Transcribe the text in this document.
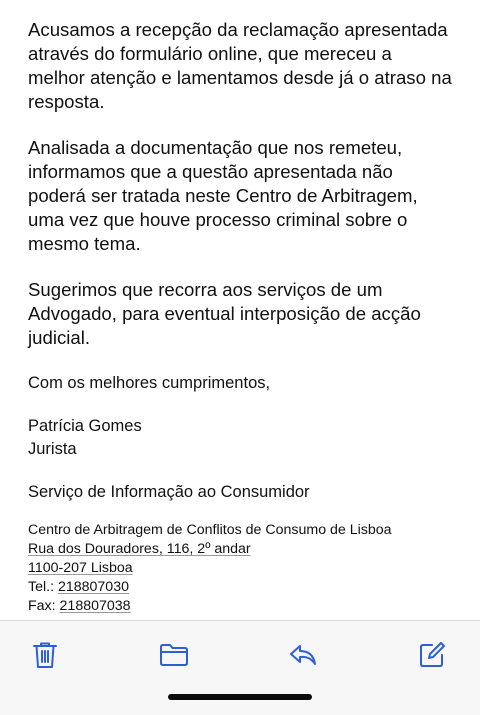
Acusamos a recepção da reclamação apresentada
através do formulário online, que mereceu a
melhor atenção e lamentamos desde já o atraso na
resposta.
Analisada a documentação que nos remeteu,
informamos que a questão apresentada não
poderá ser tratada neste Centro de Arbitragem,
uma vez que houve processo criminal sobre o
mesmo tema.
Sugerimos que recorra aos serviços de um
Advogado, para eventual interposição de acção
judicial.
Com os melhores cumprimentos,
Patrícia Gomes
Jurista
Serviço de Informação ao Consumidor
Centro de Arbitragem de Conflitos de Consumo de Lisboa
Rua dos Douradores, 116, 2º andar
1100-207 Lisboa
Tel.: 218807030
Fax: 218807038
